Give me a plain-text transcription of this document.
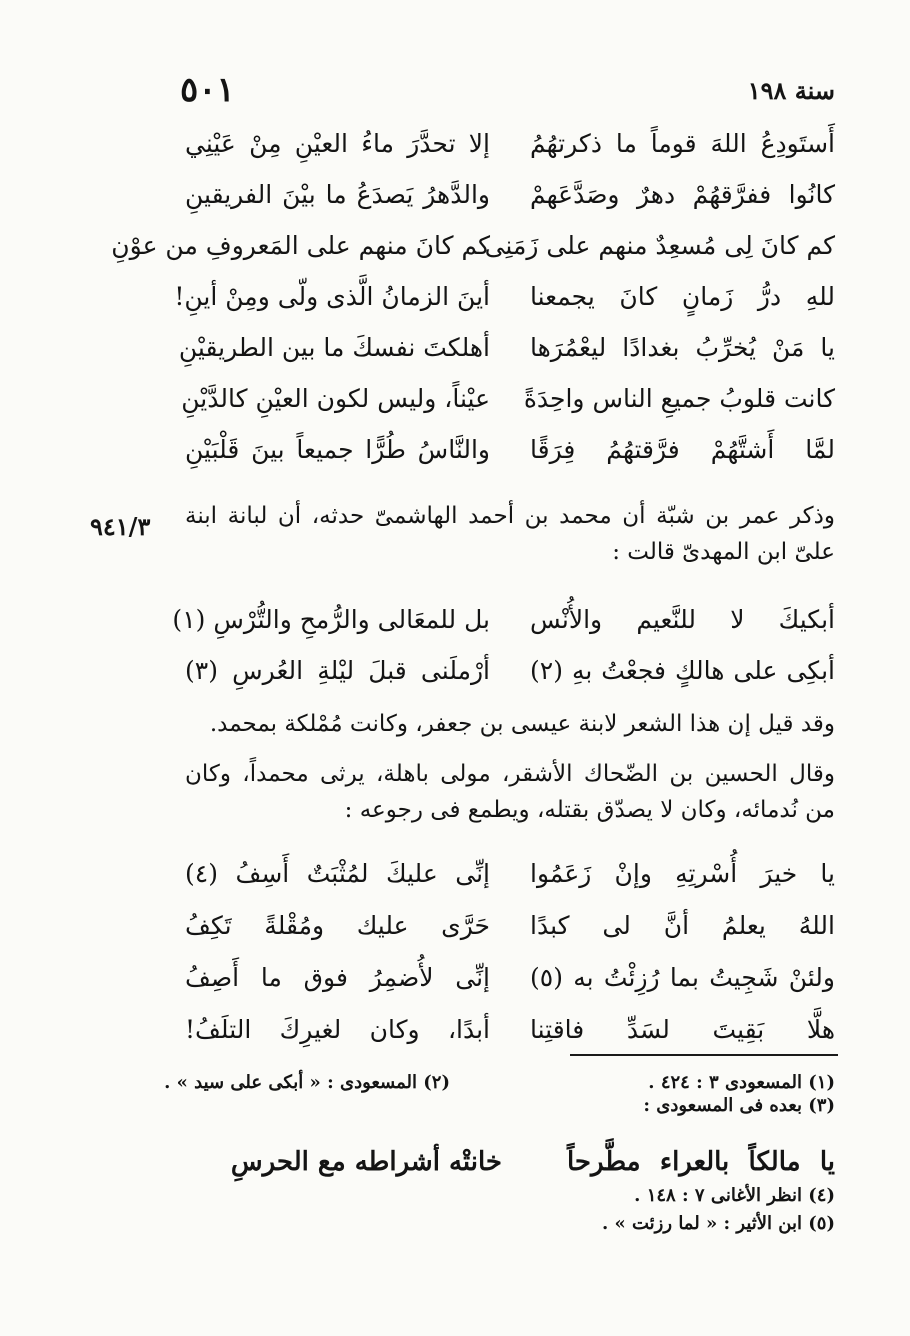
سنة ١٩٨
٥٠١
أَستَودِعُ اللهَ قوماً ما ذكرتهُمُ
إلا تحدَّرَ ماءُ العيْنِ مِنْ عَيْنِي
كانُوا ففرَّقهُمْ دهرٌ وصَدَّعَهمْ
والدَّهرُ يَصدَعُ ما بيْنَ الفريقينِ
كم كانَ لِى مُسعِدٌ منهم على زَمَنِى
كم كانَ منهم على المَعروفِ من عوْنِ
للهِ درُّ زَمانٍ كانَ يجمعنا
أينَ الزمانُ الَّذى ولّى ومِنْ أينِ!
يا مَنْ يُخرِّبُ بغدادًا ليعْمُرَها
أهلكتَ نفسكَ ما بين الطريقيْنِ
كانت قلوبُ جميعِ الناس واحِدَةً
عيْناً، وليس لكون العيْنِ كالدَّيْنِ
لمَّا أَشتَّهُمْ فرَّقتهُمُ فِرَقًا
والنَّاسُ طُرًّا جميعاً بينَ قَلْبَيْنِ
٩٤١/٣ وذكر عمر بن شبّة أن محمد بن أحمد الهاشمىّ حدثه، أن لبانة ابنة علىّ ابن المهدىّ قالت :

أبكيكَ لا للنَّعيم والأُنْس
بل للمعَالى والرُّمحِ والتُّرْسِ (١)
أبكِى على هالكٍ فجعْتُ بهِ (٢)
أرْملَنى قبلَ ليْلةِ العُرسِ (٣)

وقد قيل إن هذا الشعر لابنة عيسى بن جعفر، وكانت مُمْلكة بمحمد.

وقال الحسين بن الضّحاك الأشقر، مولى باهلة، يرثى محمداً، وكان من نُدمائه، وكان لا يصدّق بقتله، ويطمع فى رجوعه :

يا خيرَ أُسْرتِهِ وإنْ زَعَمُوا
إنِّى عليكَ لمُثْبَتٌ أَسِفُ (٤)
اللهُ يعلمُ أنَّ لى كبدًا
حَرَّى عليك ومُقْلةً تَكِفُ
ولئنْ شَجِيتُ بما رُزِئْتُ به (٥)
إنِّى لأُضمِرُ فوق ما أَصِفُ
هلَّا بَقِيتَ لسَدِّ فاقتِنا
أبدًا، وكان لغيرِكَ التلَفُ!
(١) المسعودى ٣ : ٤٢٤ .
(٢) المسعودى : « أبكى على سيد » .
(٣) بعده فى المسعودى :
يا مالكاً بالعراء مطَّرحاً
خانتْه أشراطه مع الحرسِ
(٤) انظر الأغانى ٧ : ١٤٨ .
(٥) ابن الأثير : « لما رزئت » .
